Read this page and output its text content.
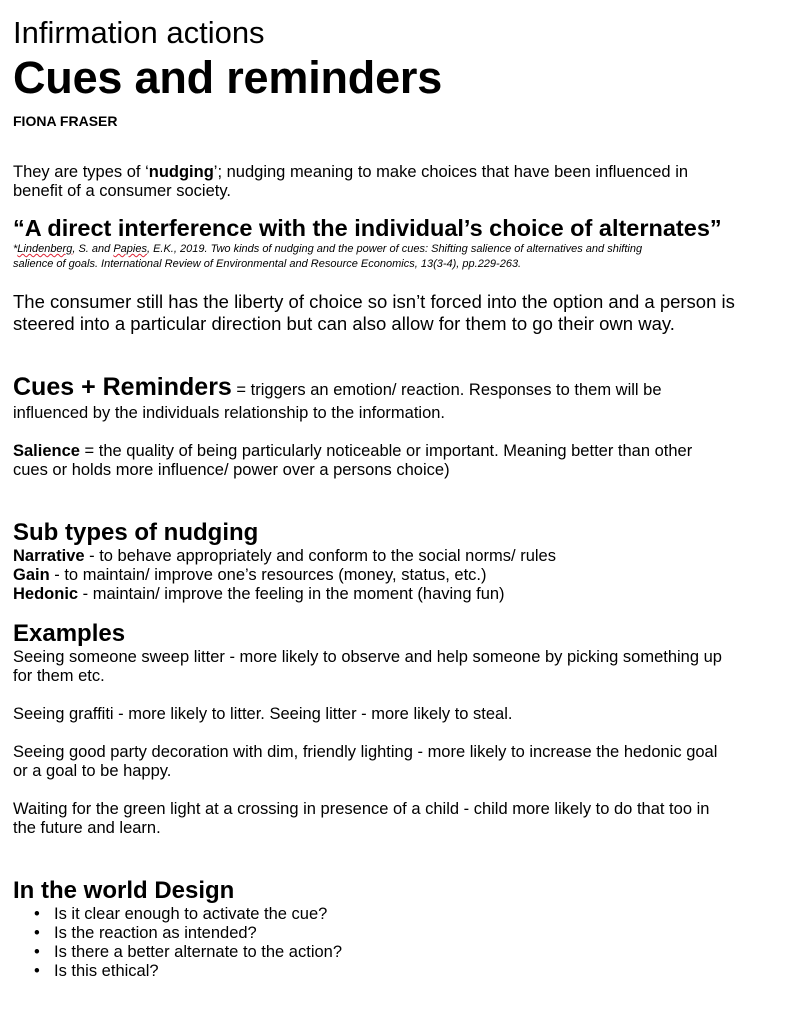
Infirmation actions
Cues and reminders
FIONA FRASER
They are types of ‘nudging’; nudging meaning to make choices that have been influenced in
benefit of a consumer society.
“A direct interference with the individual’s choice of alternates”
*Lindenberg, S. and Papies, E.K., 2019. Two kinds of nudging and the power of cues: Shifting salience of alternatives and shifting
salience of goals. International Review of Environmental and Resource Economics, 13(3-4), pp.229-263.
The consumer still has the liberty of choice so isn’t forced into the option and a person is
steered into a particular direction but can also allow for them to go their own way.
Cues + Reminders = triggers an emotion/ reaction. Responses to them will be
influenced by the individuals relationship to the information.
Salience = the quality of being particularly noticeable or important. Meaning better than other
cues or holds more influence/ power over a persons choice)
Sub types of nudging
Narrative - to behave appropriately and conform to the social norms/ rules
Gain - to maintain/ improve one’s resources (money, status, etc.)
Hedonic - maintain/ improve the feeling in the moment (having fun)
Examples
Seeing someone sweep litter - more likely to observe and help someone by picking something up
for them etc.
Seeing graffiti - more likely to litter. Seeing litter - more likely to steal.
Seeing good party decoration with dim, friendly lighting - more likely to increase the hedonic goal
or a goal to be happy.
Waiting for the green light at a crossing in presence of a child - child more likely to do that too in
the future and learn.
In the world Design
• Is it clear enough to activate the cue?
• Is the reaction as intended?
• Is there a better alternate to the action?
• Is this ethical?
